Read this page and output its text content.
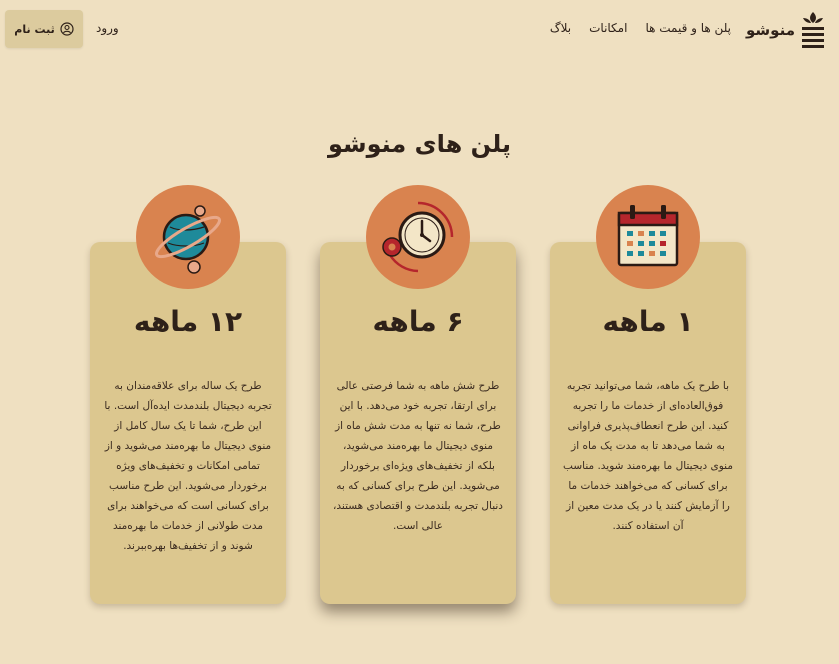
منوشو
پلن ها و قیمت ها
امکانات
بلاگ
ورود
ثبت نام
پلن های منوشو
۱ ماهه
با طرح یک ماهه، شما می‌توانید تجربه فوق‌العاده‌ای از خدمات ما را تجربه کنید. این طرح انعطاف‌پذیری فراوانی به شما می‌دهد تا به مدت یک ماه از منوی دیجیتال ما بهره‌مند شوید. مناسب برای کسانی که می‌خواهند خدمات ما را آزمایش کنند یا در یک مدت معین از آن استفاده کنند.
۶ ماهه
طرح شش ماهه به شما فرصتی عالی برای ارتقا، تجربه خود می‌دهد. با این طرح، شما نه تنها به مدت شش ماه از منوی دیجیتال ما بهره‌مند می‌شوید، بلکه از تخفیف‌های ویژه‌ای برخوردار می‌شوید. این طرح برای کسانی که به دنبال تجربه بلندمدت و اقتصادی هستند، عالی است.
۱۲ ماهه
طرح یک ساله برای علاقه‌مندان به تجربه دیجیتال بلندمدت ایده‌آل است. با این طرح، شما تا یک سال کامل از منوی دیجیتال ما بهره‌مند می‌شوید و از تمامی امکانات و تخفیف‌های ویژه برخوردار می‌شوید. این طرح مناسب برای کسانی است که می‌خواهند برای مدت طولانی از خدمات ما بهره‌مند شوند و از تخفیف‌ها بهره‌ببرند.
